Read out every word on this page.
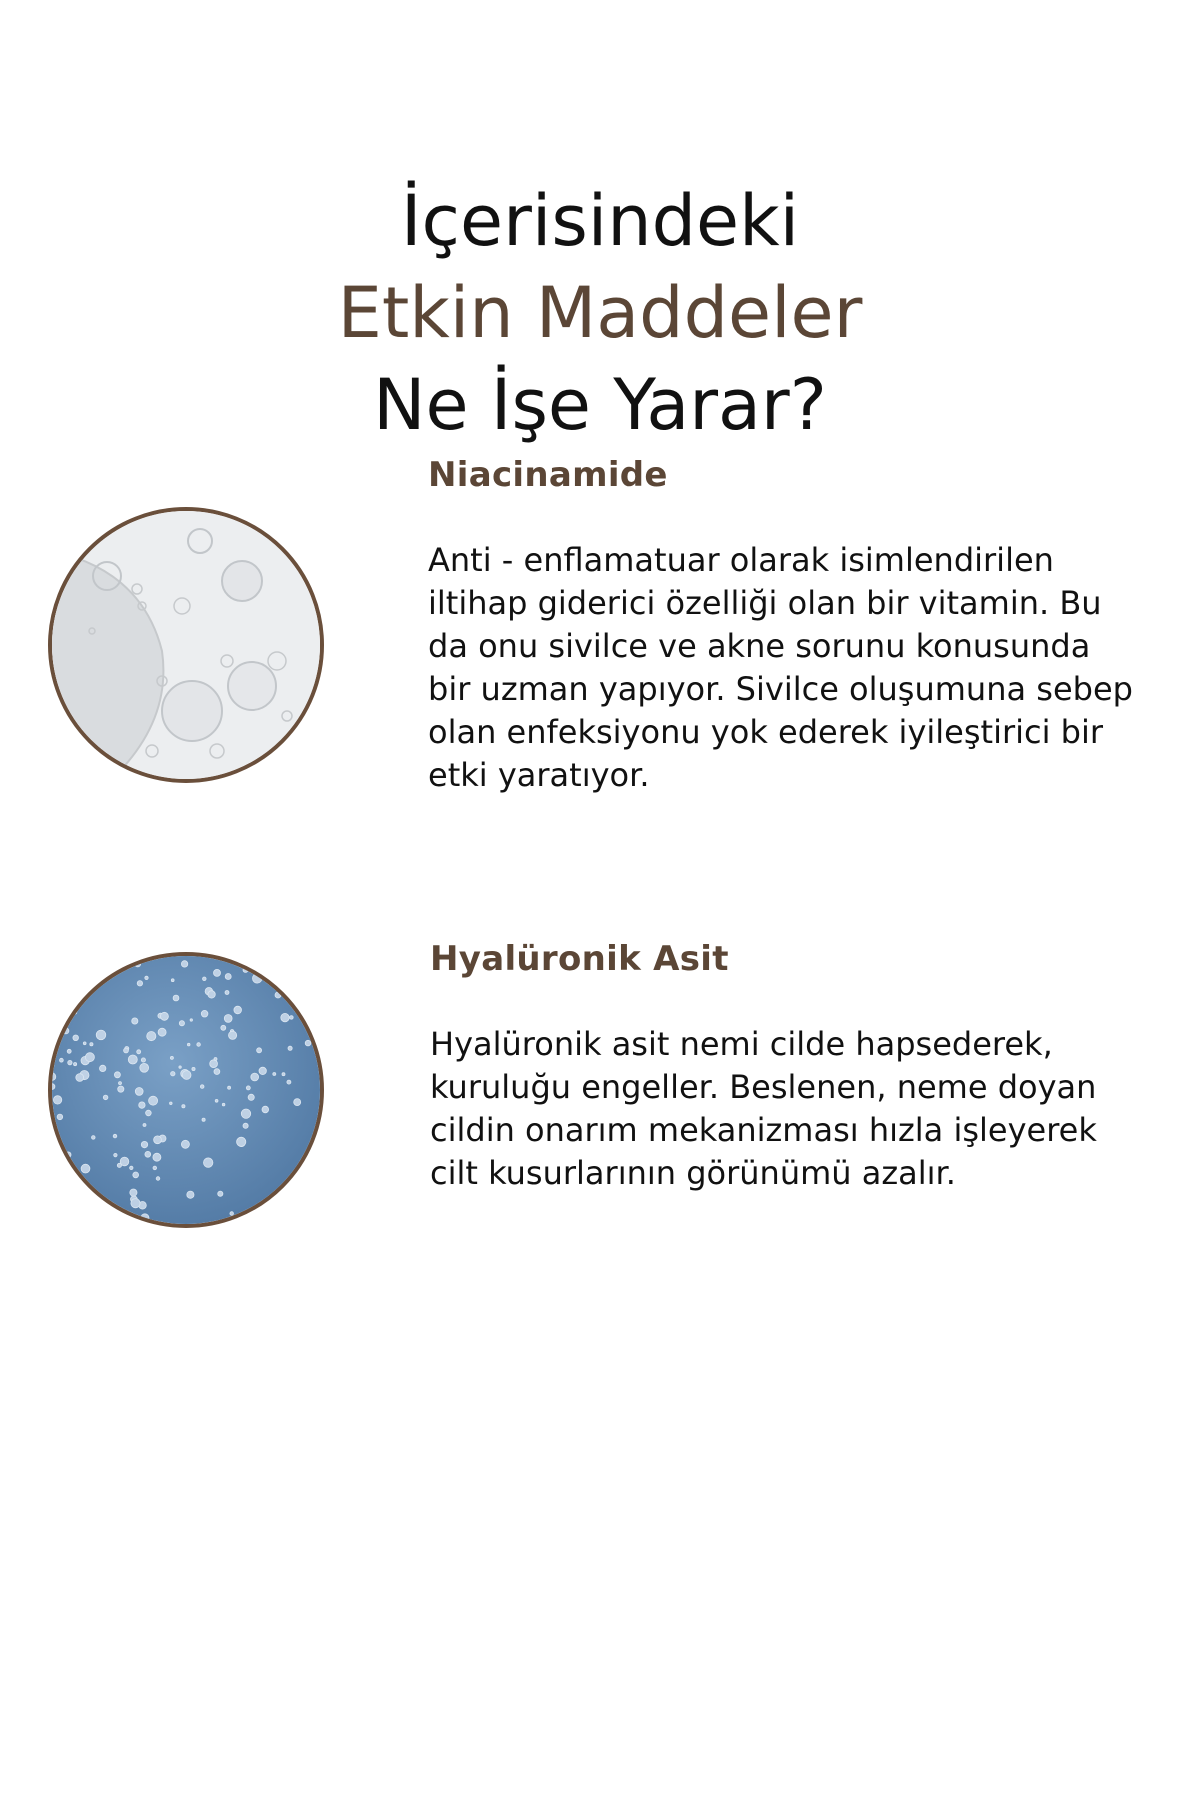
İçerisindeki
Etkin Maddeler
Ne İşe Yarar?
Niacinamide
Anti - enflamatuar olarak isimlendirilen
iltihap giderici özelliği olan bir vitamin. Bu
da onu sivilce ve akne sorunu konusunda
bir uzman yapıyor. Sivilce oluşumuna sebep
olan enfeksiyonu yok ederek iyileştirici bir
etki yaratıyor.
Hyalüronik Asit
Hyalüronik asit nemi cilde hapsederek,
kuruluğu engeller. Beslenen, neme doyan
cildin onarım mekanizması hızla işleyerek
cilt kusurlarının görünümü azalır.
